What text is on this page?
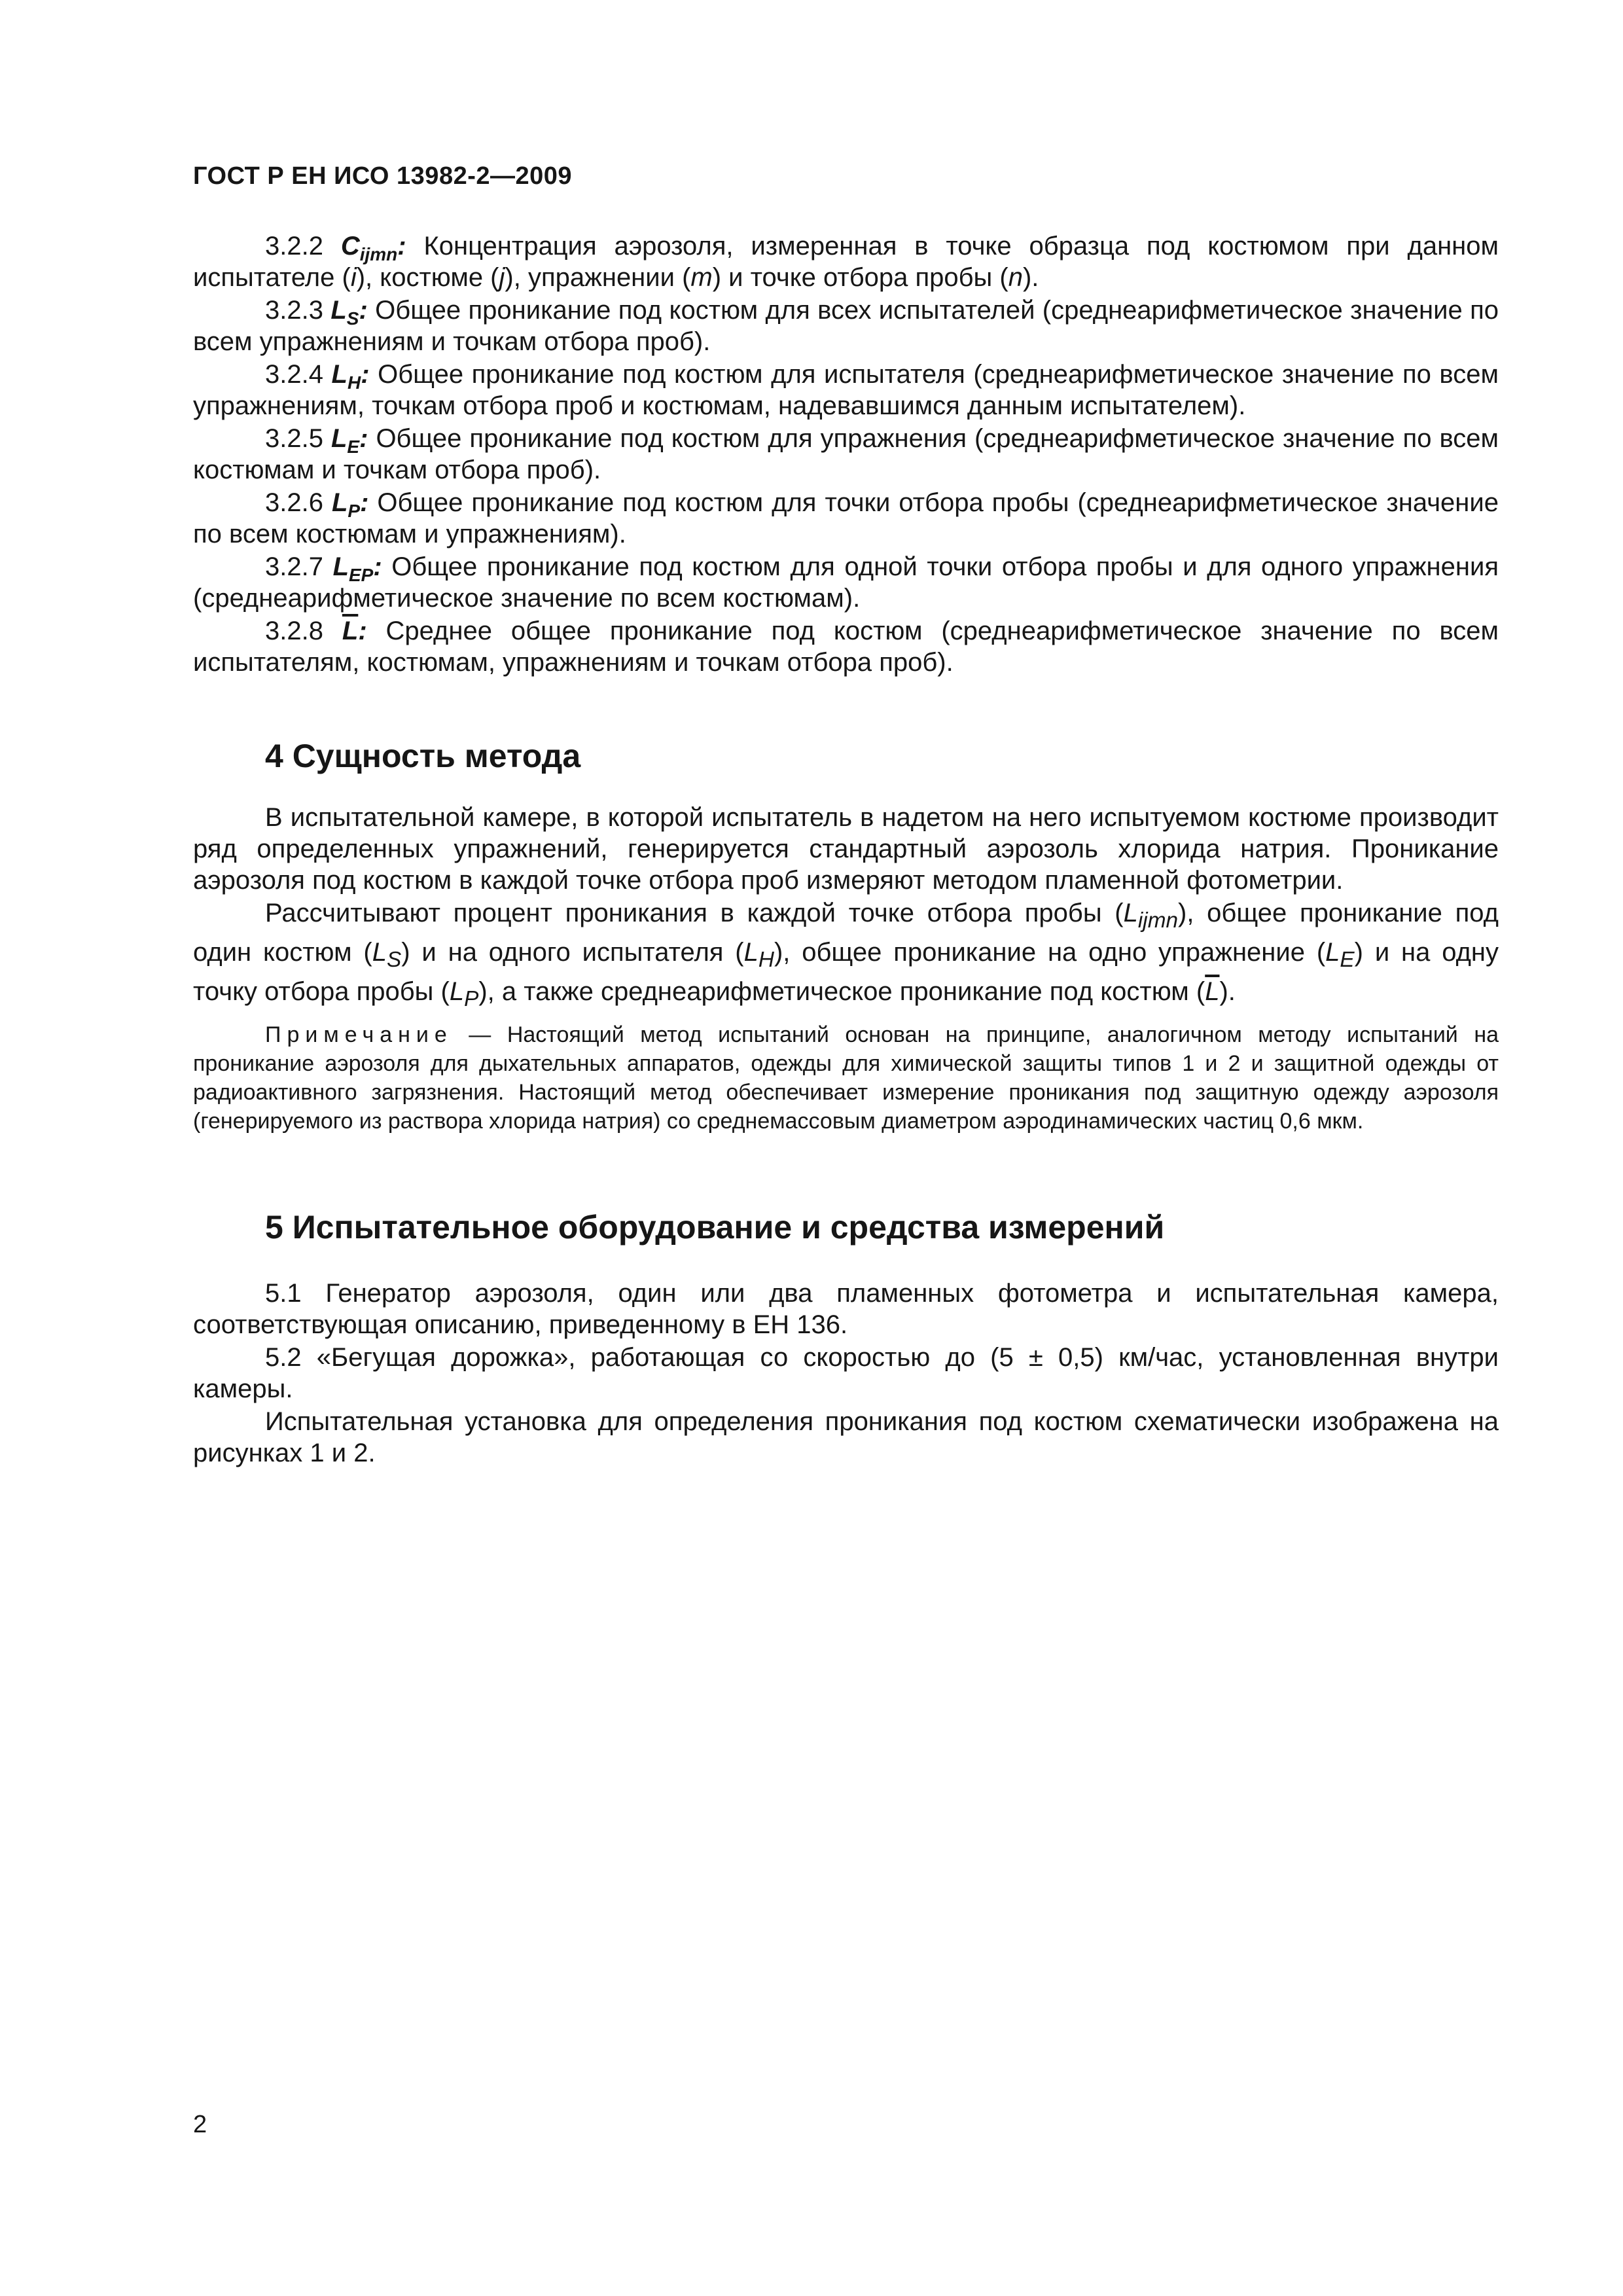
ГОСТ Р ЕН ИСО 13982-2—2009

3.2.2 $C_{ijmn}$: Концентрация аэрозоля, измеренная в точке образца под костюмом при данном испытателе (i), костюме (j), упражнении (m) и точке отбора пробы (n).

3.2.3 $L_S$: Общее проникание под костюм для всех испытателей (среднеарифметическое значение по всем упражнениям и точкам отбора проб).

3.2.4 $L_H$: Общее проникание под костюм для испытателя (среднеарифметическое значение по всем упражнениям, точкам отбора проб и костюмам, надевавшимся данным испытателем).

3.2.5 $L_E$: Общее проникание под костюм для упражнения (среднеарифметическое значение по всем костюмам и точкам отбора проб).

3.2.6 $L_P$: Общее проникание под костюм для точки отбора пробы (среднеарифметическое значение по всем костюмам и упражнениям).

3.2.7 $L_{EP}$: Общее проникание под костюм для одной точки отбора пробы и для одного упражнения (среднеарифметическое значение по всем костюмам).

3.2.8 $\overline{L}$: Среднее общее проникание под костюм (среднеарифметическое значение по всем испытателям, костюмам, упражнениям и точкам отбора проб).

4 Сущность метода

В испытательной камере, в которой испытатель в надетом на него испытуемом костюме производит ряд определенных упражнений, генерируется стандартный аэрозоль хлорида натрия. Проникание аэрозоля под костюм в каждой точке отбора проб измеряют методом пламенной фотометрии.

Рассчитывают процент проникания в каждой точке отбора пробы $(L_{ijmn})$, общее проникание под один костюм $(L_S)$ и на одного испытателя $(L_H)$, общее проникание на одно упражнение $(L_E)$ и на одну точку отбора пробы $(L_P)$, а также среднеарифметическое проникание под костюм $(\overline{L})$.

Примечание — Настоящий метод испытаний основан на принципе, аналогичном методу испытаний на проникание аэрозоля для дыхательных аппаратов, одежды для химической защиты типов 1 и 2 и защитной одежды от радиоактивного загрязнения. Настоящий метод обеспечивает измерение проникания под защитную одежду аэрозоля (генерируемого из раствора хлорида натрия) со среднемассовым диаметром аэродинамических частиц 0,6 мкм.

5 Испытательное оборудование и средства измерений

5.1 Генератор аэрозоля, один или два пламенных фотометра и испытательная камера, соответствующая описанию, приведенному в ЕН 136.

5.2 «Бегущая дорожка», работающая со скоростью до (5 ± 0,5) км/час, установленная внутри камеры.

Испытательная установка для определения проникания под костюм схематически изображена на рисунках 1 и 2.

2
